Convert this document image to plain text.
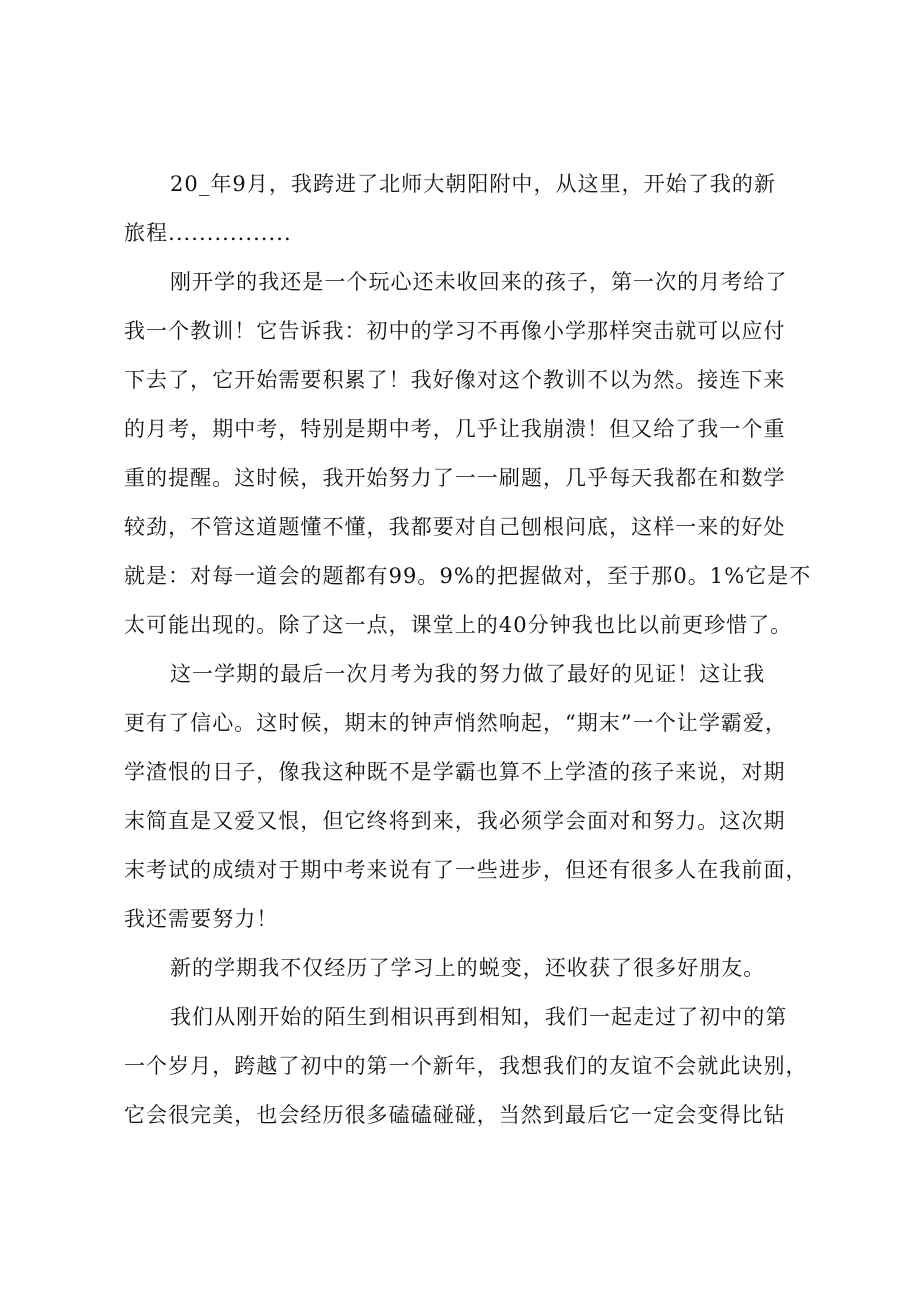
20_年9月，我跨进了北师大朝阳附中，从这里，开始了我的新
旅程................

刚开学的我还是一个玩心还未收回来的孩子，第一次的月考给了
我一个教训！它告诉我：初中的学习不再像小学那样突击就可以应付
下去了，它开始需要积累了！我好像对这个教训不以为然。接连下来
的月考，期中考，特别是期中考，几乎让我崩溃！但又给了我一个重
重的提醒。这时候，我开始努力了一一刷题，几乎每天我都在和数学
较劲，不管这道题懂不懂，我都要对自己刨根问底，这样一来的好处
就是：对每一道会的题都有99。9%的把握做对，至于那0。1%它是不
太可能出现的。除了这一点，课堂上的40分钟我也比以前更珍惜了。

这一学期的最后一次月考为我的努力做了最好的见证！这让我
更有了信心。这时候，期末的钟声悄然响起，“期末”一个让学霸爱，
学渣恨的日子，像我这种既不是学霸也算不上学渣的孩子来说，对期
末简直是又爱又恨，但它终将到来，我必须学会面对和努力。这次期
末考试的成绩对于期中考来说有了一些进步，但还有很多人在我前面，
我还需要努力！

新的学期我不仅经历了学习上的蜕变，还收获了很多好朋友。

我们从刚开始的陌生到相识再到相知，我们一起走过了初中的第
一个岁月，跨越了初中的第一个新年，我想我们的友谊不会就此诀别，
它会很完美，也会经历很多磕磕碰碰，当然到最后它一定会变得比钻
